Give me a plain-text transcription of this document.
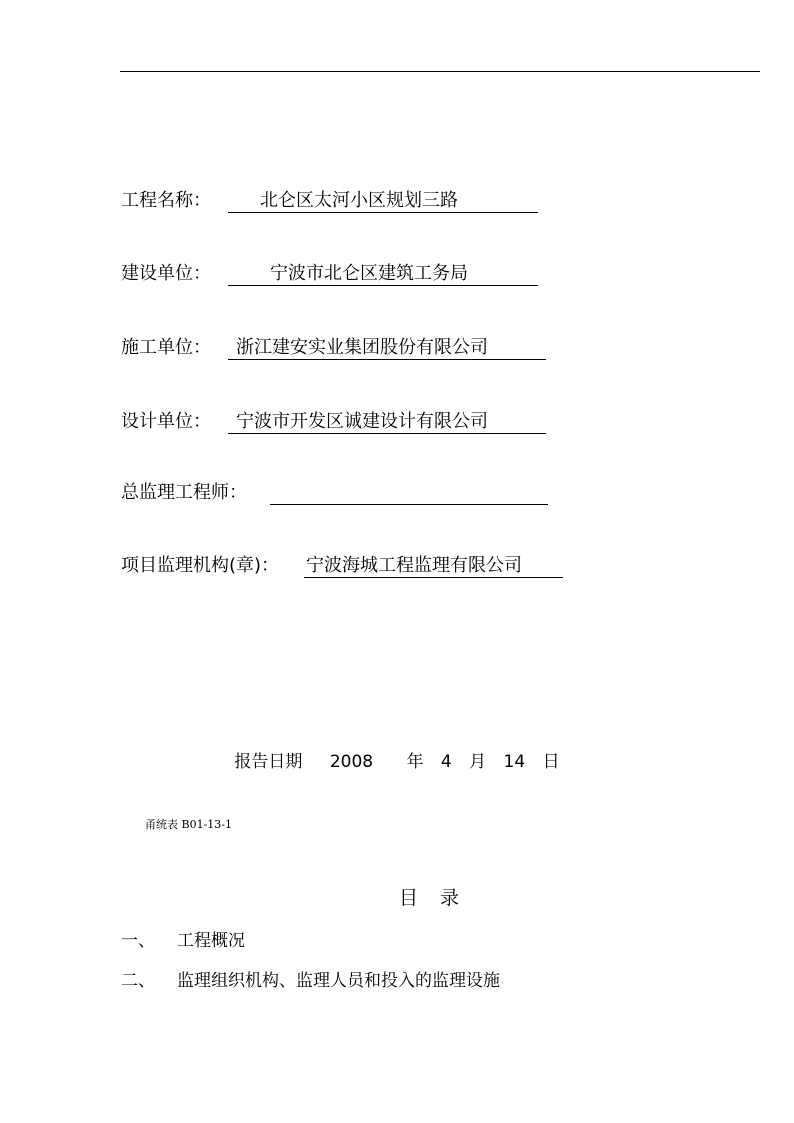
工程名称：	北仑区太河小区规划三路
建设单位：	宁波市北仑区建筑工务局
施工单位： 浙江建安实业集团股份有限公司
设计单位： 宁波市开发区诚建设计有限公司
总监理工程师：
项目监理机构(章)： 宁波海城工程监理有限公司
报告日期 2008 年 4 月 14 日
甬统表 B01-13-1
目录
一、 工程概况
二、 监理组织机构、监理人员和投入的监理设施
